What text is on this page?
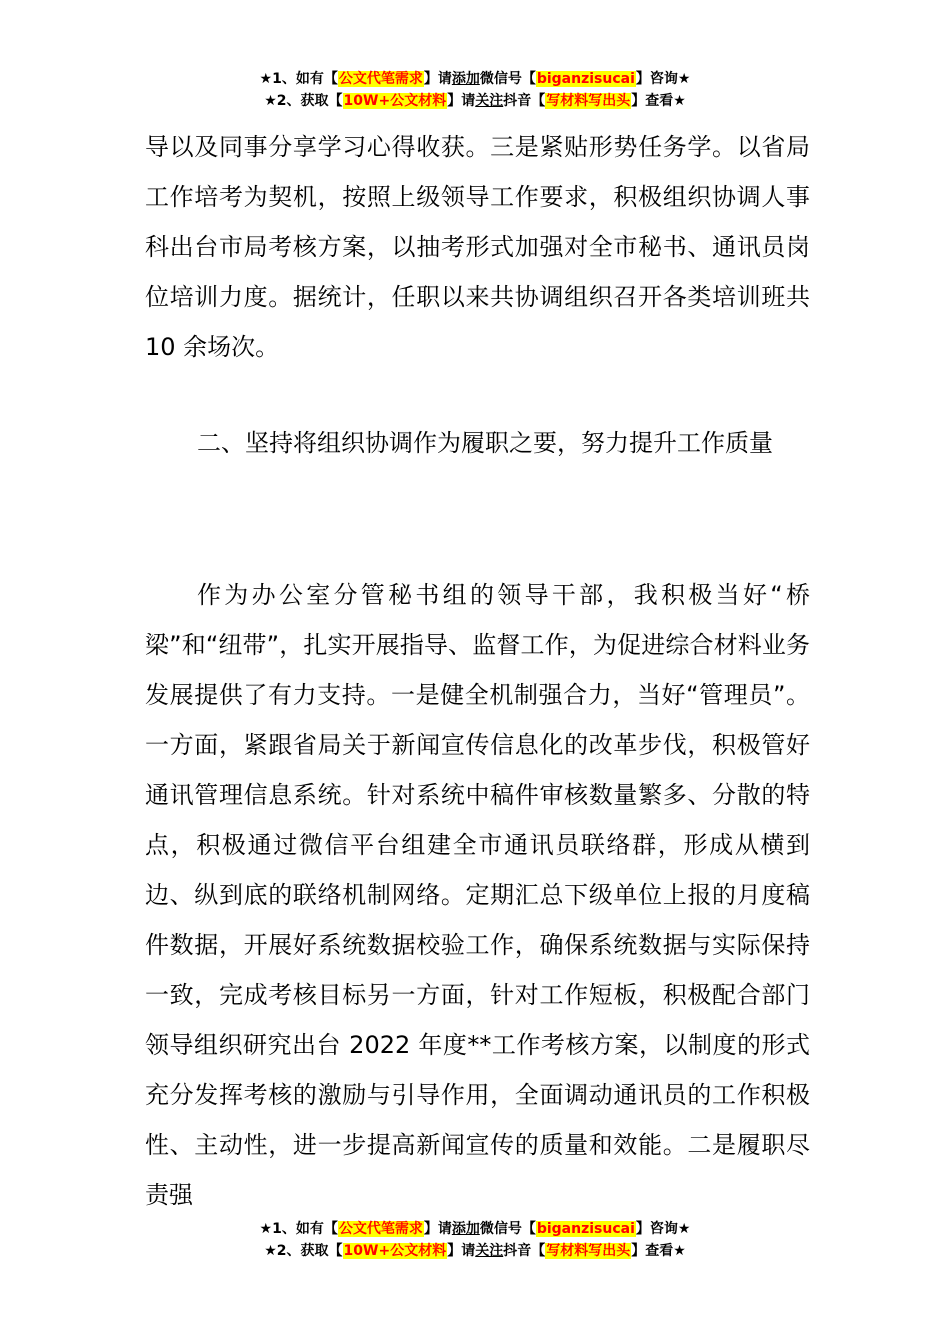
★1、如有【公文代笔需求】请添加微信号【biganzisucai】咨询★
★2、获取【10W+公文材料】请关注抖音【写材料写出头】查看★

导以及同事分享学习心得收获。三是紧贴形势任务学。以省局工作培考为契机，按照上级领导工作要求，积极组织协调人事科出台市局考核方案，以抽考形式加强对全市秘书、通讯员岗位培训力度。据统计，任职以来共协调组织召开各类培训班共 10 余场次。

二、坚持将组织协调作为履职之要，努力提升工作质量

作为办公室分管秘书组的领导干部，我积极当好“桥梁”和“纽带”，扎实开展指导、监督工作，为促进综合材料业务发展提供了有力支持。一是健全机制强合力，当好“管理员”。一方面，紧跟省局关于新闻宣传信息化的改革步伐，积极管好通讯管理信息系统。针对系统中稿件审核数量繁多、分散的特点，积极通过微信平台组建全市通讯员联络群，形成从横到边、纵到底的联络机制网络。定期汇总下级单位上报的月度稿件数据，开展好系统数据校验工作，确保系统数据与实际保持一致，完成考核目标另一方面，针对工作短板，积极配合部门领导组织研究出台 2022 年度**工作考核方案，以制度的形式充分发挥考核的激励与引导作用，全面调动通讯员的工作积极性、主动性，进一步提高新闻宣传的质量和效能。二是履职尽责强

★1、如有【公文代笔需求】请添加微信号【biganzisucai】咨询★
★2、获取【10W+公文材料】请关注抖音【写材料写出头】查看★
